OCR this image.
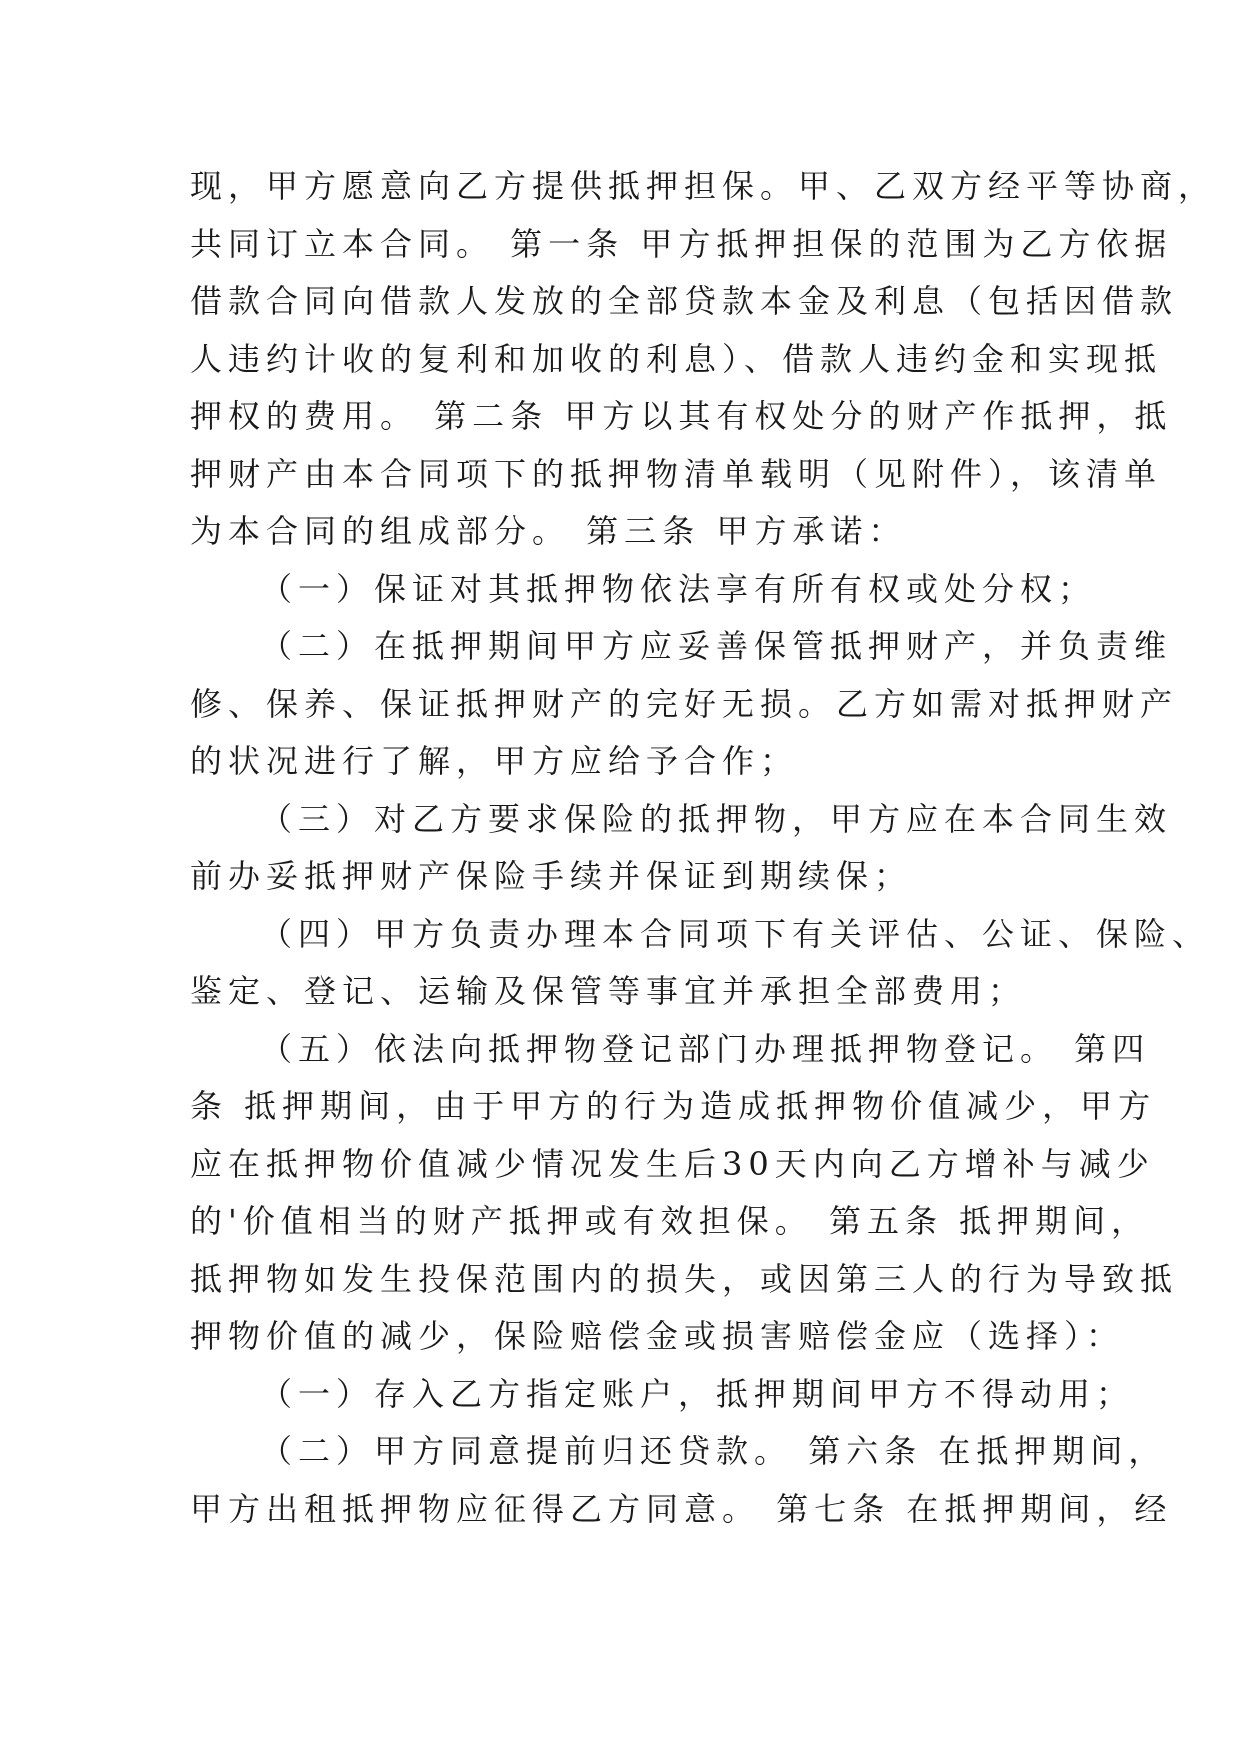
现，甲方愿意向乙方提供抵押担保。甲、乙双方经平等协商，
共同订立本合同。 第一条 甲方抵押担保的范围为乙方依据
借款合同向借款人发放的全部贷款本金及利息（包括因借款
人违约计收的复利和加收的利息）、借款人违约金和实现抵
押权的费用。 第二条 甲方以其有权处分的财产作抵押，抵
押财产由本合同项下的抵押物清单载明（见附件），该清单
为本合同的组成部分。 第三条 甲方承诺：
（一）保证对其抵押物依法享有所有权或处分权；
（二）在抵押期间甲方应妥善保管抵押财产，并负责维
修、保养、保证抵押财产的完好无损。乙方如需对抵押财产
的状况进行了解，甲方应给予合作；
（三）对乙方要求保险的抵押物，甲方应在本合同生效
前办妥抵押财产保险手续并保证到期续保；
（四）甲方负责办理本合同项下有关评估、公证、保险、
鉴定、登记、运输及保管等事宜并承担全部费用；
（五）依法向抵押物登记部门办理抵押物登记。 第四
条 抵押期间，由于甲方的行为造成抵押物价值减少，甲方
应在抵押物价值减少情况发生后30天内向乙方增补与减少
的'价值相当的财产抵押或有效担保。 第五条 抵押期间，
抵押物如发生投保范围内的损失，或因第三人的行为导致抵
押物价值的减少，保险赔偿金或损害赔偿金应（选择）：
（一）存入乙方指定账户，抵押期间甲方不得动用；
（二）甲方同意提前归还贷款。 第六条 在抵押期间，
甲方出租抵押物应征得乙方同意。 第七条 在抵押期间，经
